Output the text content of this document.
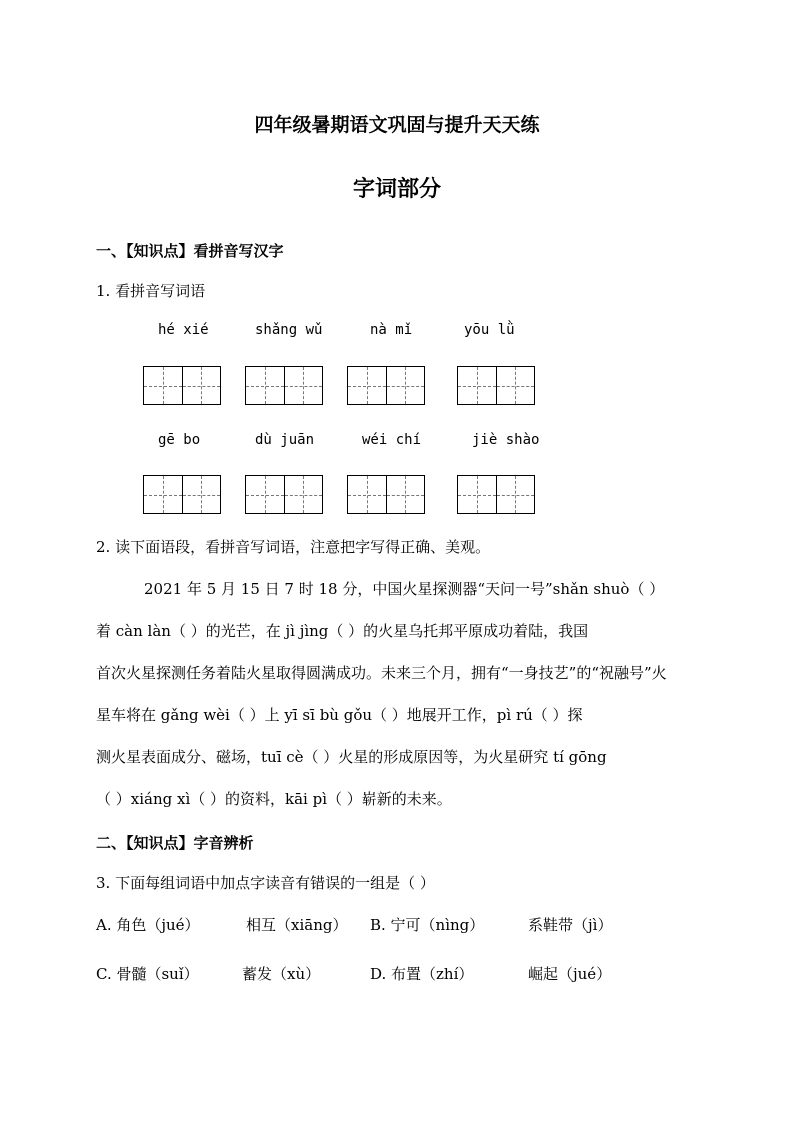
四年级暑期语文巩固与提升天天练
字词部分
一、【知识点】看拼音写汉字
1. 看拼音写词语
hé xié	shǎng wǔ	nà mǐ	yōu lǜ
gē bo	dù juān	wéi chí	jiè shào
2. 读下面语段，看拼音写词语，注意把字写得正确、美观。
2021 年 5 月 15 日 7 时 18 分，中国火星探测器“天问一号”shǎn shuò（ ）
着 càn làn（ ）的光芒，在 jì jìng（ ）的火星乌托邦平原成功着陆，我国
首次火星探测任务着陆火星取得圆满成功。未来三个月，拥有“一身技艺”的“祝融号”火
星车将在 gǎng wèi（ ）上 yī sī bù gǒu（ ）地展开工作，pì rú（ ）探
测火星表面成分、磁场，tuī cè（ ）火星的形成原因等，为火星研究 tí gōng
（ ）xiáng xì（ ）的资料，kāi pì（ ）崭新的未来。
二、【知识点】字音辨析
3. 下面每组词语中加点字读音有错误的一组是（ ）
A. 角色（jué）	相互（xiāng） B. 宁可（nìng）	系鞋带（jì）
C. 骨髓（suǐ）	蓄发（xù）	D. 布置（zhí）	崛起（jué）
